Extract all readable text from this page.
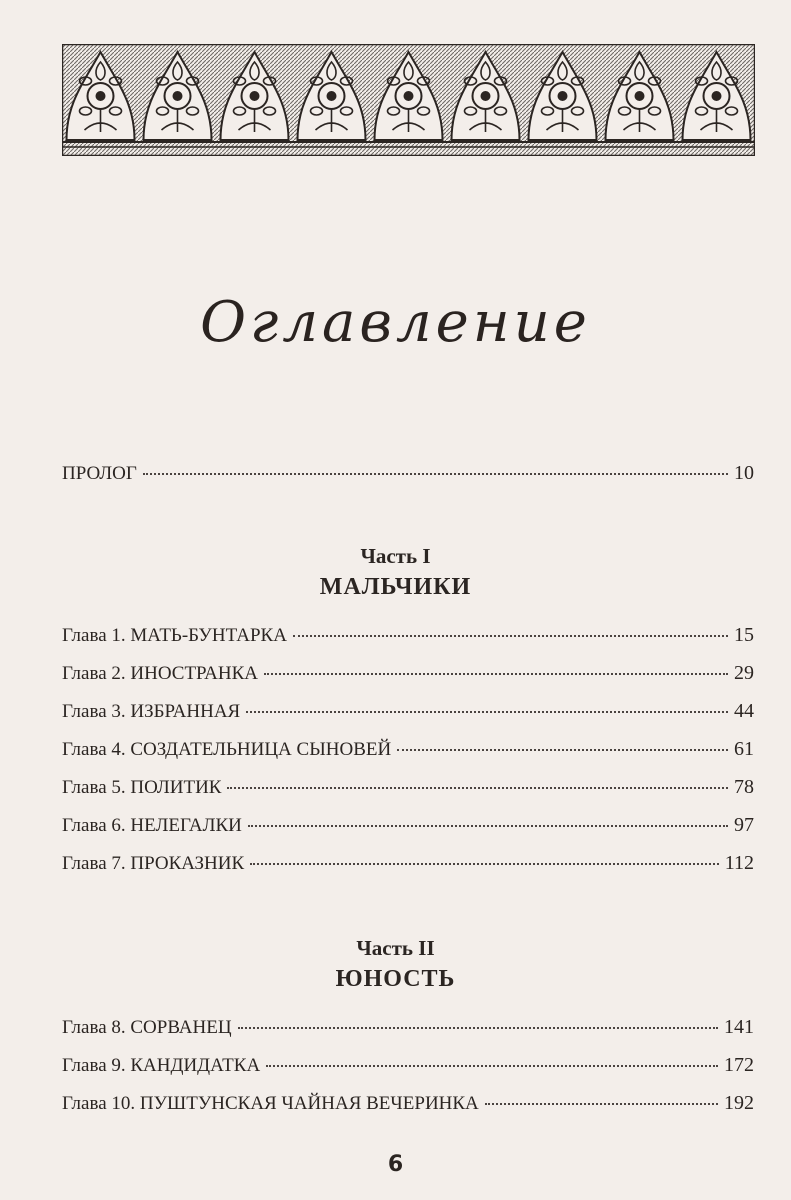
Оглавление
ПРОЛОГ	10
Часть I
МАЛЬЧИКИ
Глава 1. МАТЬ-БУНТАРКА	15
Глава 2. ИНОСТРАНКА	29
Глава 3. ИЗБРАННАЯ	44
Глава 4. СОЗДАТЕЛЬНИЦА СЫНОВЕЙ	61
Глава 5. ПОЛИТИК	78
Глава 6. НЕЛЕГАЛКИ	97
Глава 7. ПРОКАЗНИК	112
Часть II
ЮНОСТЬ
Глава 8. СОРВАНЕЦ	141
Глава 9. КАНДИДАТКА	172
Глава 10. ПУШТУНСКАЯ ЧАЙНАЯ ВЕЧЕРИНКА	192
6
